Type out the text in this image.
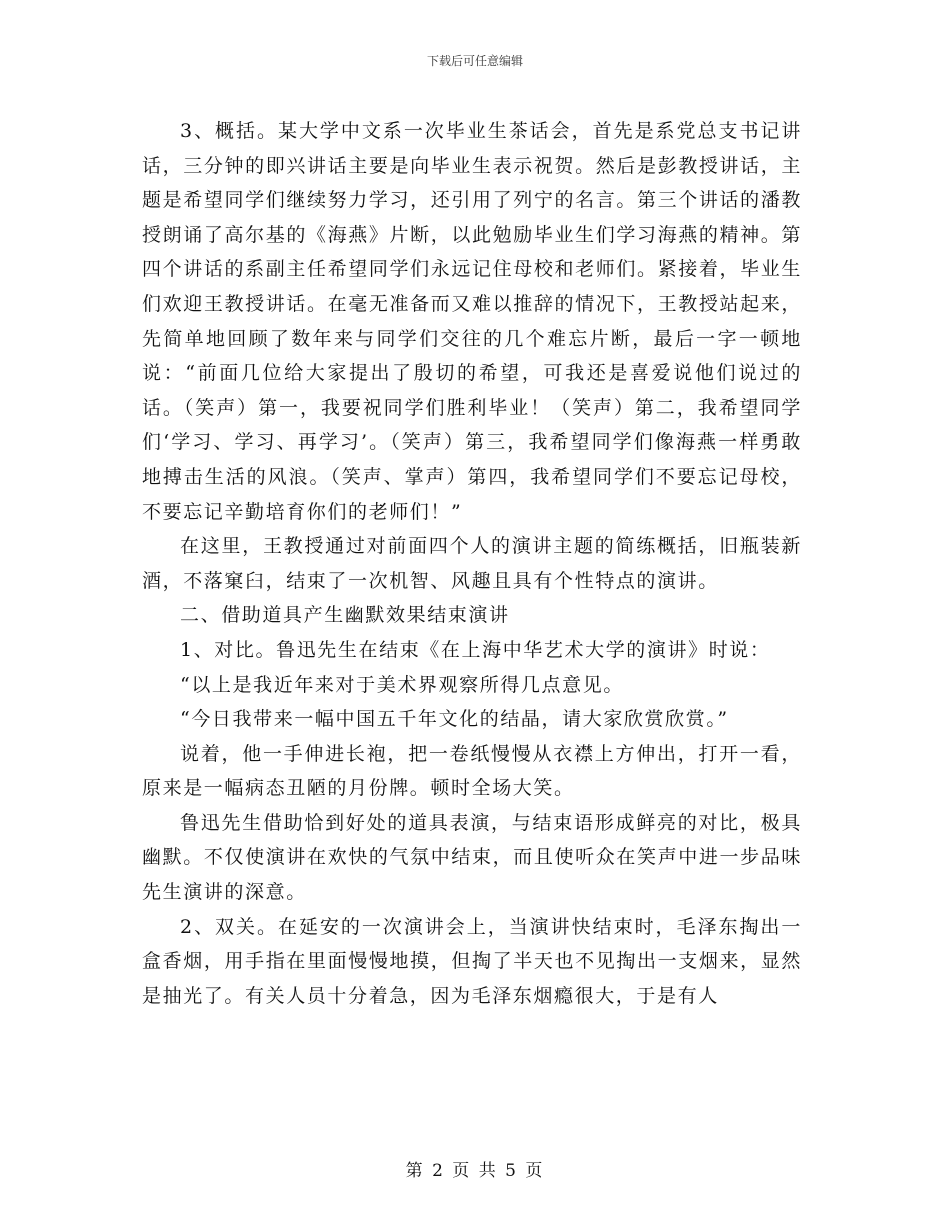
下载后可任意编辑

3、概括。某大学中文系一次毕业生茶话会，首先是系党总支书记讲话，三分钟的即兴讲话主要是向毕业生表示祝贺。然后是彭教授讲话，主题是希望同学们继续努力学习，还引用了列宁的名言。第三个讲话的潘教授朗诵了高尔基的《海燕》片断，以此勉励毕业生们学习海燕的精神。第四个讲话的系副主任希望同学们永远记住母校和老师们。紧接着，毕业生们欢迎王教授讲话。在毫无准备而又难以推辞的情况下，王教授站起来，先简单地回顾了数年来与同学们交往的几个难忘片断，最后一字一顿地说：“前面几位给大家提出了殷切的希望，可我还是喜爱说他们说过的话。（笑声）第一，我要祝同学们胜利毕业！（笑声）第二，我希望同学们‘学习、学习、再学习’。（笑声）第三，我希望同学们像海燕一样勇敢地搏击生活的风浪。（笑声、掌声）第四，我希望同学们不要忘记母校，不要忘记辛勤培育你们的老师们！”

在这里，王教授通过对前面四个人的演讲主题的简练概括，旧瓶装新酒，不落窠臼，结束了一次机智、风趣且具有个性特点的演讲。

二、借助道具产生幽默效果结束演讲

1、对比。鲁迅先生在结束《在上海中华艺术大学的演讲》时说：

“以上是我近年来对于美术界观察所得几点意见。

“今日我带来一幅中国五千年文化的结晶，请大家欣赏欣赏。”

说着，他一手伸进长袍，把一卷纸慢慢从衣襟上方伸出，打开一看，原来是一幅病态丑陋的月份牌。顿时全场大笑。

鲁迅先生借助恰到好处的道具表演，与结束语形成鲜亮的对比，极具幽默。不仅使演讲在欢快的气氛中结束，而且使听众在笑声中进一步品味先生演讲的深意。

2、双关。在延安的一次演讲会上，当演讲快结束时，毛泽东掏出一盒香烟，用手指在里面慢慢地摸，但掏了半天也不见掏出一支烟来，显然是抽光了。有关人员十分着急，因为毛泽东烟瘾很大，于是有人

第 2 页 共 5 页
